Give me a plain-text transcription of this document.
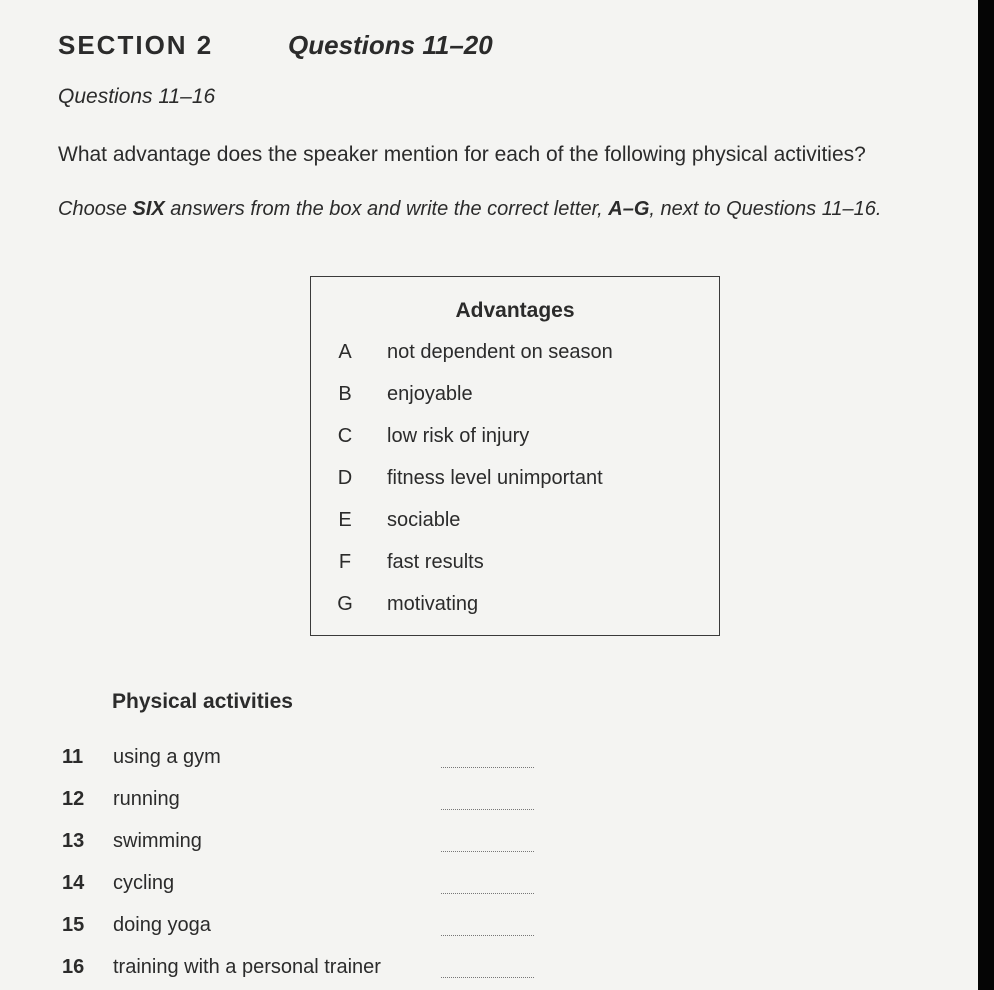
SECTION 2	Questions 11–20
Questions 11–16
What advantage does the speaker mention for each of the following physical activities?
Choose SIX answers from the box and write the correct letter, A–G, next to Questions 11–16.
Advantages
A not dependent on season
B enjoyable
C low risk of injury
D fitness level unimportant
E sociable
F fast results
G motivating
Physical activities
11 using a gym
12 running
13 swimming
14 cycling
15 doing yoga
16 training with a personal trainer
